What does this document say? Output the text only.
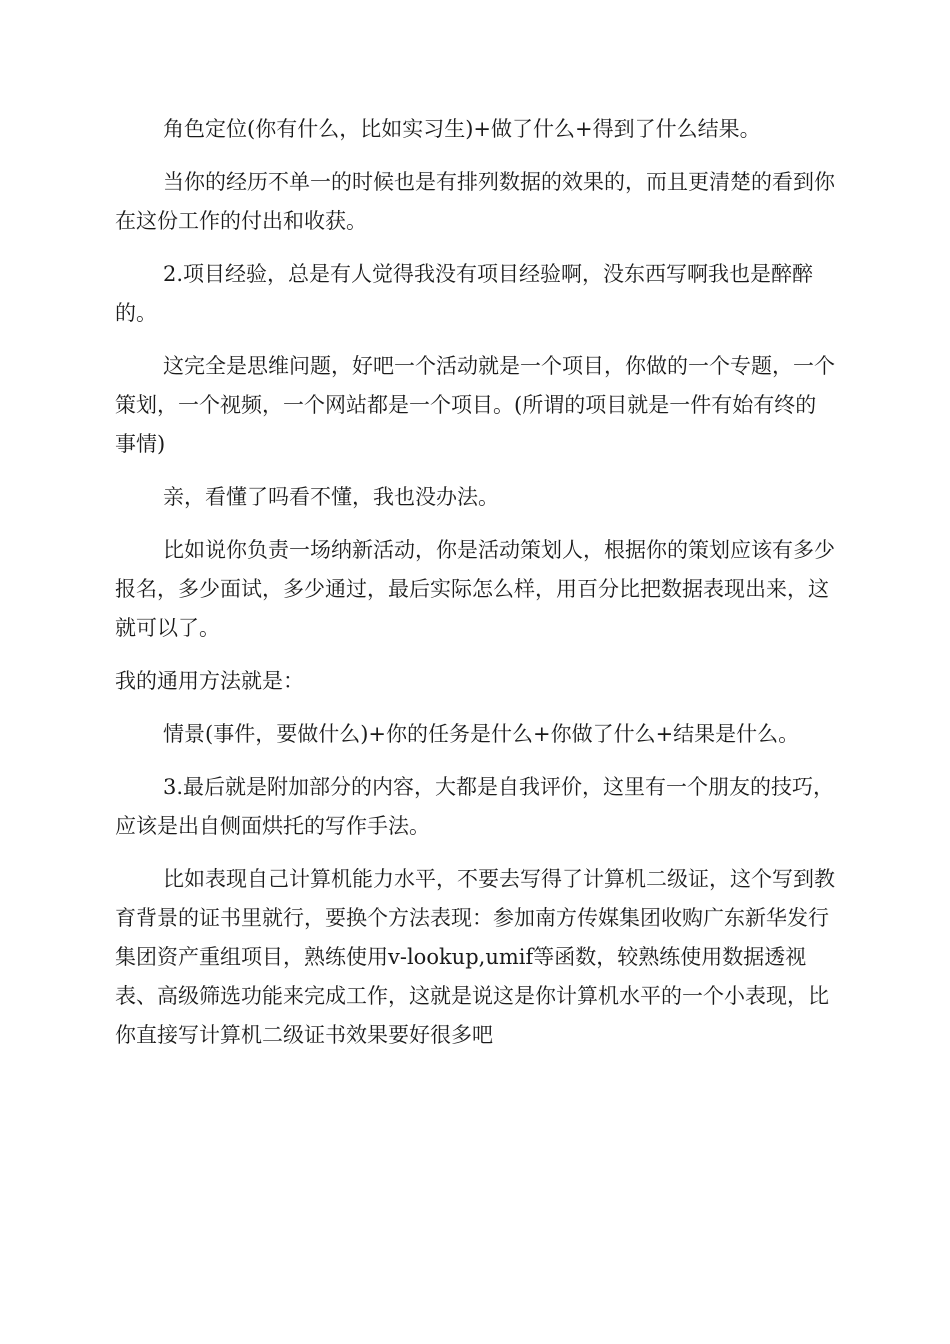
角色定位(你有什么，比如实习生)+做了什么+得到了什么结果。

当你的经历不单一的时候也是有排列数据的效果的，而且更清楚的看到你在这份工作的付出和收获。

2.项目经验，总是有人觉得我没有项目经验啊，没东西写啊我也是醉醉的。

这完全是思维问题，好吧一个活动就是一个项目，你做的一个专题，一个策划，一个视频，一个网站都是一个项目。(所谓的项目就是一件有始有终的事情)

亲，看懂了吗看不懂，我也没办法。

比如说你负责一场纳新活动，你是活动策划人，根据你的策划应该有多少报名，多少面试，多少通过，最后实际怎么样，用百分比把数据表现出来，这就可以了。

我的通用方法就是：

情景(事件，要做什么)+你的任务是什么+你做了什么+结果是什么。

3.最后就是附加部分的内容，大都是自我评价，这里有一个朋友的技巧，应该是出自侧面烘托的写作手法。

比如表现自己计算机能力水平，不要去写得了计算机二级证，这个写到教育背景的证书里就行，要换个方法表现：参加南方传媒集团收购广东新华发行集团资产重组项目，熟练使用v-lookup,umif等函数，较熟练使用数据透视表、高级筛选功能来完成工作，这就是说这是你计算机水平的一个小表现，比你直接写计算机二级证书效果要好很多吧
